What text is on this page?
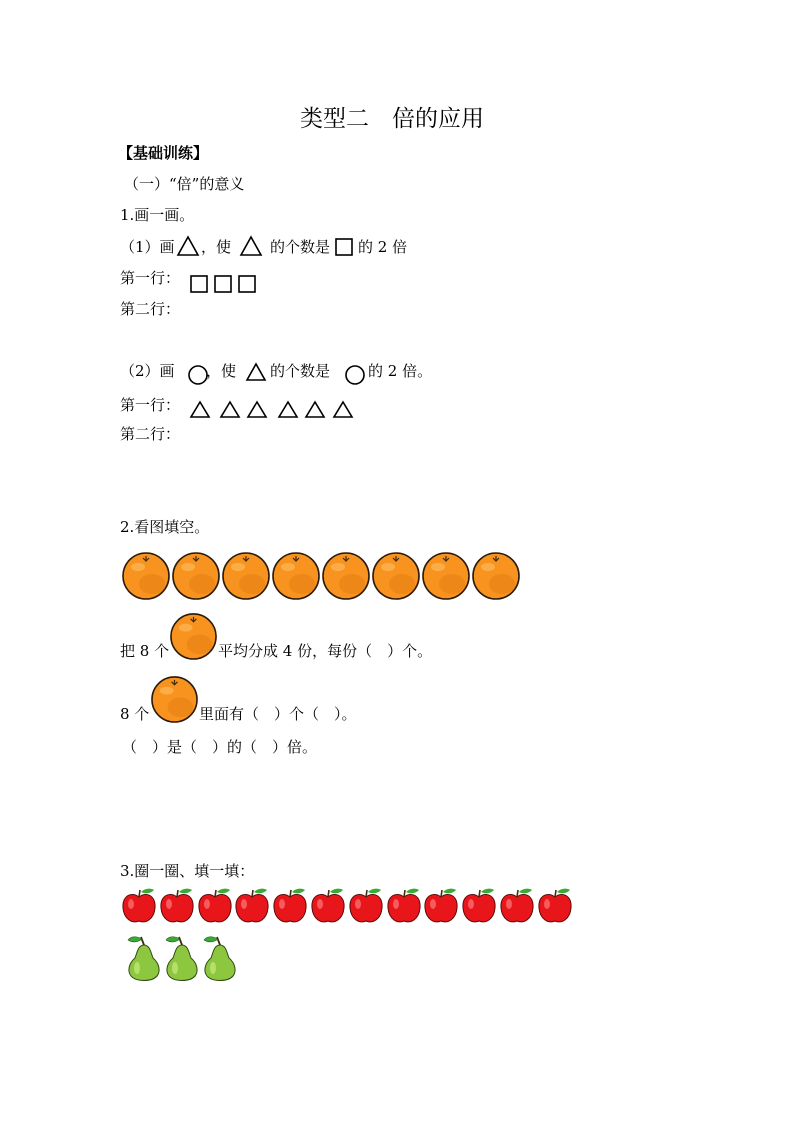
类型二　倍的应用
【基础训练】
（一）“倍”的意义
1.画一画。
（1）画 ，使	的个数是 的 2 倍
第一行：
第二行：
（2）画 ，使 的个数是	的 2 倍。
第一行：
第二行：
2.看图填空。
把 8 个	平均分成 4 份，每份（　）个。
8 个	里面有（　）个（　）。
（　）是（　）的（　）倍。
3.圈一圈、填一填：
